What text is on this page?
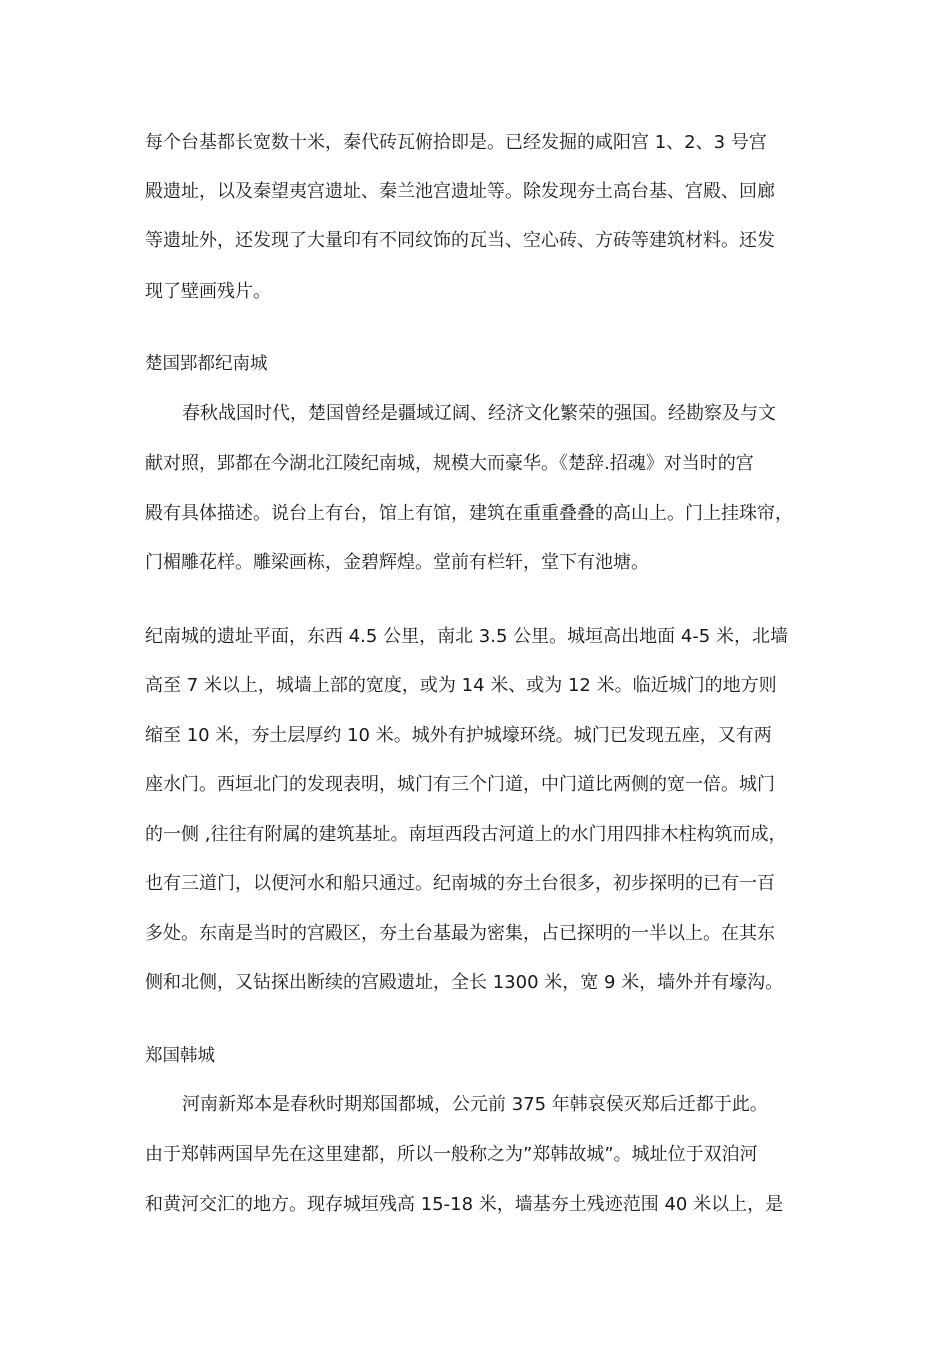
每个台基都长宽数十米，秦代砖瓦俯拾即是。已经发掘的咸阳宫 1、2、3 号宫
殿遗址，以及秦望夷宫遗址、秦兰池宫遗址等。除发现夯土高台基、宫殿、回廊
等遗址外，还发现了大量印有不同纹饰的瓦当、空心砖、方砖等建筑材料。还发
现了壁画残片。
楚国郢都纪南城
春秋战国时代，楚国曾经是疆域辽阔、经济文化繁荣的强国。经勘察及与文
献对照，郢都在今湖北江陵纪南城，规模大而豪华。《楚辞.招魂》对当时的宫
殿有具体描述。说台上有台，馆上有馆，建筑在重重叠叠的高山上。门上挂珠帘，
门楣雕花样。雕梁画栋，金碧辉煌。堂前有栏轩，堂下有池塘。
纪南城的遗址平面，东西 4.5 公里，南北 3.5 公里。城垣高出地面 4-5 米，北墙
高至 7 米以上，城墙上部的宽度，或为 14 米、或为 12 米。临近城门的地方则
缩至 10 米，夯土层厚约 10 米。城外有护城壕环绕。城门已发现五座，又有两
座水门。西垣北门的发现表明，城门有三个门道，中门道比两侧的宽一倍。城门
的一侧 ,往往有附属的建筑基址。南垣西段古河道上的水门用四排木柱构筑而成，
也有三道门，以便河水和船只通过。纪南城的夯土台很多，初步探明的已有一百
多处。东南是当时的宫殿区，夯土台基最为密集，占已探明的一半以上。在其东
侧和北侧，又钻探出断续的宫殿遗址，全长 1300 米，宽 9 米，墙外并有壕沟。
郑国韩城
河南新郑本是春秋时期郑国都城，公元前 375 年韩哀侯灭郑后迁都于此。
由于郑韩两国早先在这里建都，所以一般称之为”郑韩故城”。城址位于双洎河
和黄河交汇的地方。现存城垣残高 15-18 米，墙基夯土残迹范围 40 米以上，是
